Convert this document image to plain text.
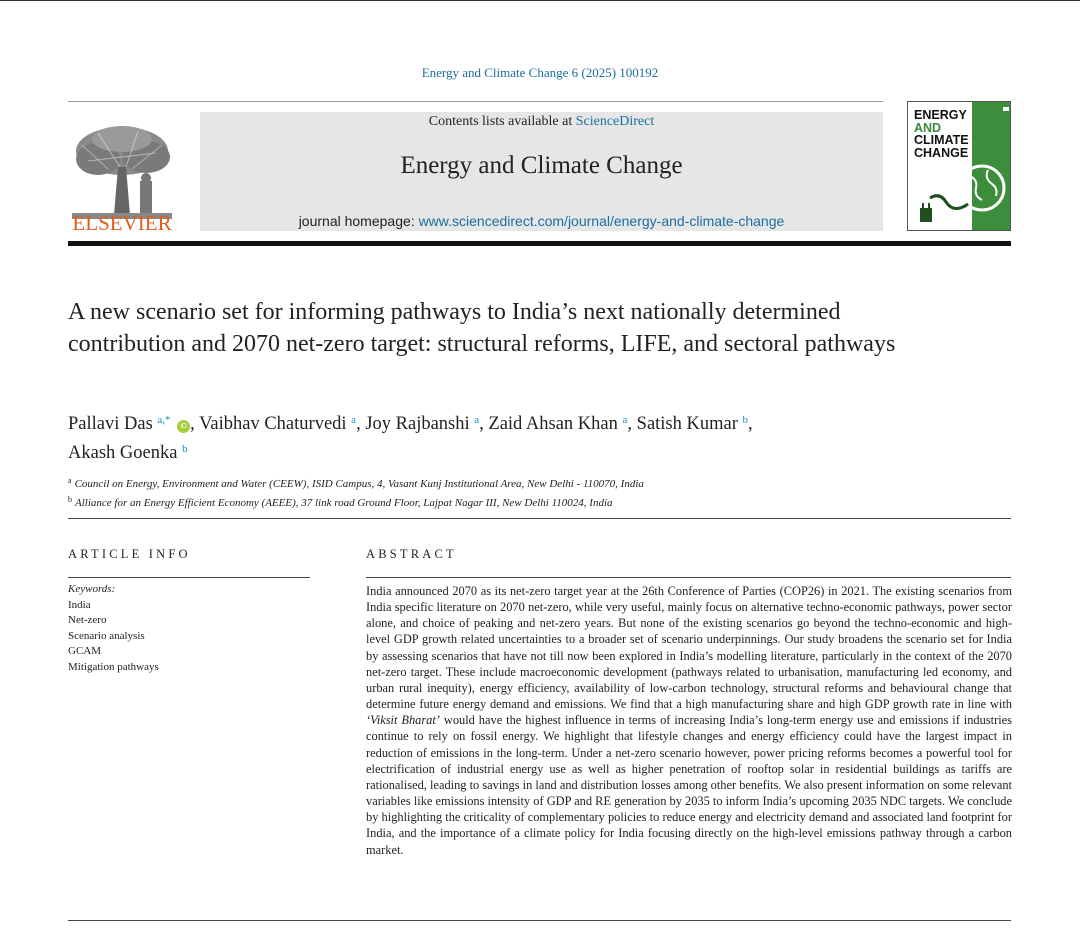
Energy and Climate Change 6 (2025) 100192
ELSEVIER
Contents lists available at ScienceDirect
Energy and Climate Change
journal homepage: www.sciencedirect.com/journal/energy-and-climate-change
ENERGY
AND
CLIMATE
CHANGE
A new scenario set for informing pathways to India’s next nationally determined contribution and 2070 net-zero target: structural reforms, LIFE, and sectoral pathways
Pallavi Das $^{a,*}$ iD , Vaibhav Chaturvedi $^a$, Joy Rajbanshi $^a$, Zaid Ahsan Khan $^a$, Satish Kumar $^b$,
Akash Goenka $^b$
$^a$ Council on Energy, Environment and Water (CEEW), ISID Campus, 4, Vasant Kunj Institutional Area, New Delhi - 110070, India
$^b$ Alliance for an Energy Efficient Economy (AEEE), 37 link road Ground Floor, Lajpat Nagar III, New Delhi 110024, India
ARTICLE INFO	ABSTRACT
Keywords:
India
Net-zero
Scenario analysis
GCAM
Mitigation pathways

India announced 2070 as its net-zero target year at the 26th Conference of Parties (COP26) in 2021. The existing scenarios from India specific literature on 2070 net-zero, while very useful, mainly focus on alternative techno-economic pathways, power sector alone, and choice of peaking and net-zero years. But none of the existing scenarios go beyond the techno-economic and high-level GDP growth related uncertainties to a broader set of scenario underpinnings. Our study broadens the scenario set for India by assessing scenarios that have not till now been explored in India’s modelling literature, particularly in the context of the 2070 net-zero target. These include macroeconomic development (pathways related to urbanisation, manufacturing led economy, and urban rural inequity), energy efficiency, availability of low-carbon technology, structural reforms and behavioural change that determine future energy demand and emissions. We find that a high manufacturing share and high GDP growth rate in line with ‘Viksit Bharat’ would have the highest influence in terms of increasing India’s long-term energy use and emissions if industries continue to rely on fossil energy. We highlight that lifestyle changes and energy efficiency could have the largest impact in reduction of emissions in the long-term. Under a net-zero scenario however, power pricing reforms becomes a powerful tool for electrification of industrial energy use as well as higher penetration of rooftop solar in residential buildings as tariffs are rationalised, leading to savings in land and distribution losses among other benefits. We also present information on some relevant variables like emissions intensity of GDP and RE generation by 2035 to inform India’s upcoming 2035 NDC targets. We conclude by highlighting the criticality of complementary policies to reduce energy and electricity demand and associated land footprint for India, and the importance of a climate policy for India focusing directly on the high-level emissions pathway through a carbon market.
